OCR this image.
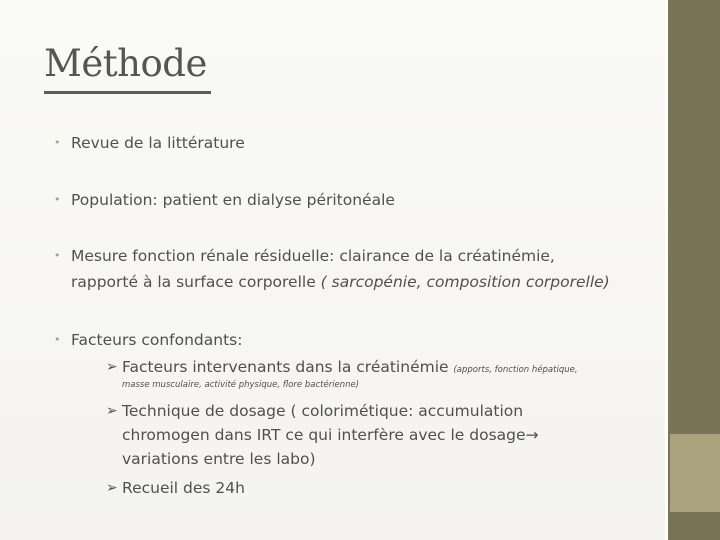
Méthode
• Revue de la littérature
• Population: patient en dialyse péritonéale
• Mesure fonction rénale résiduelle: clairance de la créatinémie,
rapporté à la surface corporelle ( sarcopénie, composition corporelle)
• Facteurs confondants:
➢ Facteurs intervenants dans la créatinémie (apports, fonction hépatique,
masse musculaire, activité physique, flore bactérienne)
➢ Technique de dosage ( colorimétique: accumulation
chromogen dans IRT ce qui interfère avec le dosage→
variations entre les labo)
➢ Recueil des 24h
